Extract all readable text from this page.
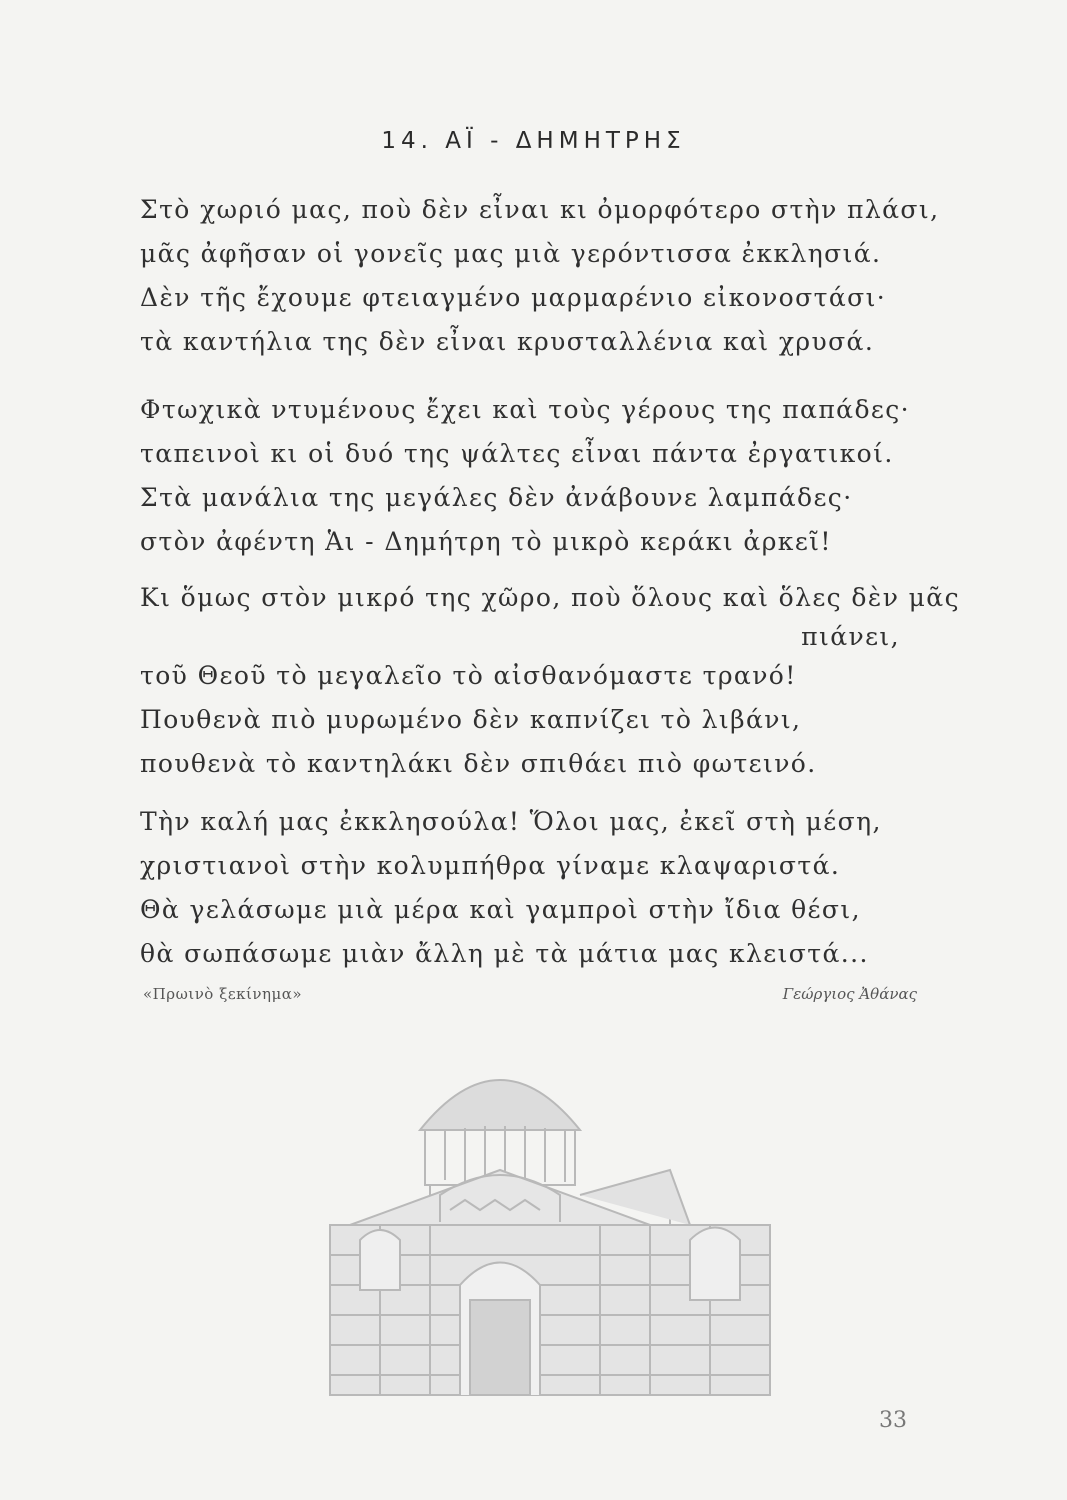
14. ΑΪ - ΔΗΜΗΤΡΗΣ
Στὸ χωριό μας, ποὺ δὲν εἶναι κι ὀμορφότερο στὴν πλάσι,
μᾶς ἀφῆσαν οἱ γονεῖς μας μιὰ γερόντισσα ἐκκλησιά.
Δὲν τῆς ἔχουμε φτειαγμένο μαρμαρένιο εἰκονοστάσι·
τὰ καντήλια της δὲν εἶναι κρυσταλλένια καὶ χρυσά.
Φτωχικὰ ντυμένους ἔχει καὶ τοὺς γέρους της παπάδες·
ταπεινοὶ κι οἱ δυό της ψάλτες εἶναι πάντα ἐργατικοί.
Στὰ μανάλια της μεγάλες δὲν ἀνάβουνε λαμπάδες·
στὸν ἀφέντη Ἁι - Δημήτρη τὸ μικρὸ κεράκι ἀρκεῖ!
Κι ὅμως στὸν μικρό της χῶρο, ποὺ ὅλους καὶ ὅλες δὲν μᾶς
πιάνει,
τοῦ Θεοῦ τὸ μεγαλεῖο τὸ αἰσθανόμαστε τρανό!
Πουθενὰ πιὸ μυρωμένο δὲν καπνίζει τὸ λιβάνι,
πουθενὰ τὸ καντηλάκι δὲν σπιθάει πιὸ φωτεινό.
Τὴν καλή μας ἐκκλησούλα! Ὅλοι μας, ἐκεῖ στὴ μέση,
χριστιανοὶ στὴν κολυμπήθρα γίναμε κλαψαριστά.
Θὰ γελάσωμε μιὰ μέρα καὶ γαμπροὶ στὴν ἴδια θέσι,
θὰ σωπάσωμε μιὰν ἄλλη μὲ τὰ μάτια μας κλειστά...
«Πρωινὸ ξεκίνημα»	Γεώργιος Ἀθάνας
33
